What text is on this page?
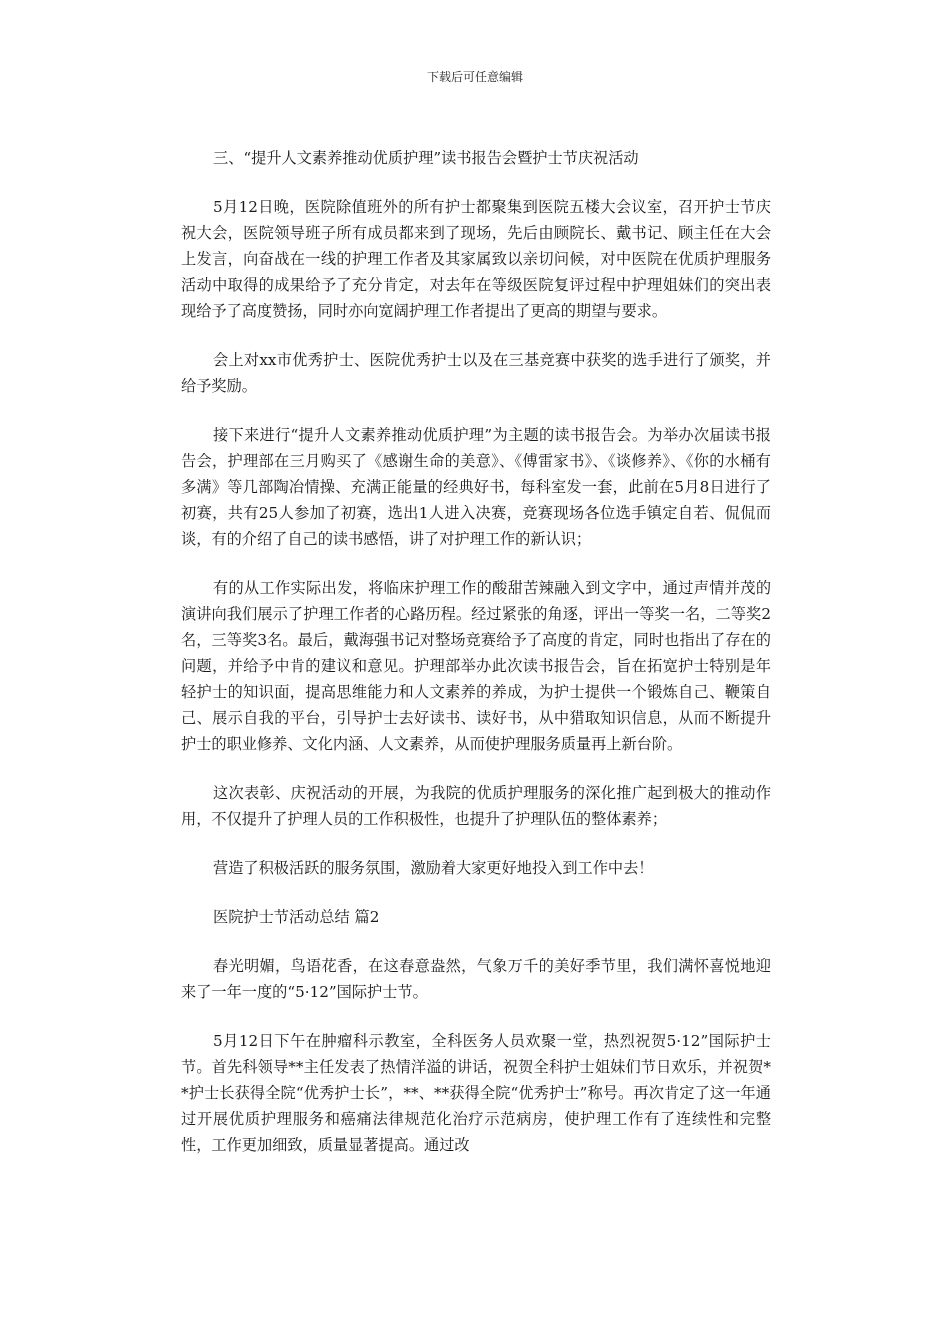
下载后可任意编辑

三、“提升人文素养推动优质护理”读书报告会暨护士节庆祝活动

5月12日晚，医院除值班外的所有护士都聚集到医院五楼大会议室，召开护士节庆祝大会，医院领导班子所有成员都来到了现场，先后由顾院长、戴书记、顾主任在大会上发言，向奋战在一线的护理工作者及其家属致以亲切问候，对中医院在优质护理服务活动中取得的成果给予了充分肯定，对去年在等级医院复评过程中护理姐妹们的突出表现给予了高度赞扬，同时亦向宽阔护理工作者提出了更高的期望与要求。

会上对xx市优秀护士、医院优秀护士以及在三基竞赛中获奖的选手进行了颁奖，并给予奖励。

接下来进行“提升人文素养推动优质护理”为主题的读书报告会。为举办次届读书报告会，护理部在三月购买了《感谢生命的美意》、《傅雷家书》、《谈修养》、《你的水桶有多满》等几部陶冶情操、充满正能量的经典好书，每科室发一套，此前在5月8日进行了初赛，共有25人参加了初赛，选出1人进入决赛，竞赛现场各位选手镇定自若、侃侃而谈，有的介绍了自己的读书感悟，讲了对护理工作的新认识；

有的从工作实际出发，将临床护理工作的酸甜苦辣融入到文字中，通过声情并茂的演讲向我们展示了护理工作者的心路历程。经过紧张的角逐，评出一等奖一名，二等奖2名，三等奖3名。最后，戴海强书记对整场竞赛给予了高度的肯定，同时也指出了存在的问题，并给予中肯的建议和意见。护理部举办此次读书报告会，旨在拓宽护士特别是年轻护士的知识面，提高思维能力和人文素养的养成，为护士提供一个锻炼自己、鞭策自己、展示自我的平台，引导护士去好读书、读好书，从中猎取知识信息，从而不断提升护士的职业修养、文化内涵、人文素养，从而使护理服务质量再上新台阶。

这次表彰、庆祝活动的开展，为我院的优质护理服务的深化推广起到极大的推动作用，不仅提升了护理人员的工作积极性，也提升了护理队伍的整体素养；

营造了积极活跃的服务氛围，激励着大家更好地投入到工作中去！

医院护士节活动总结 篇2

春光明媚，鸟语花香，在这春意盎然，气象万千的美好季节里，我们满怀喜悦地迎来了一年一度的“5·12”国际护士节。

5月12日下午在肿瘤科示教室，全科医务人员欢聚一堂，热烈祝贺5·12”国际护士节。首先科领导**主任发表了热情洋溢的讲话，祝贺全科护士姐妹们节日欢乐，并祝贺**护士长获得全院“优秀护士长”，**、**获得全院“优秀护士”称号。再次肯定了这一年通过开展优质护理服务和癌痛法律规范化治疗示范病房，使护理工作有了连续性和完整性，工作更加细致，质量显著提高。通过改
